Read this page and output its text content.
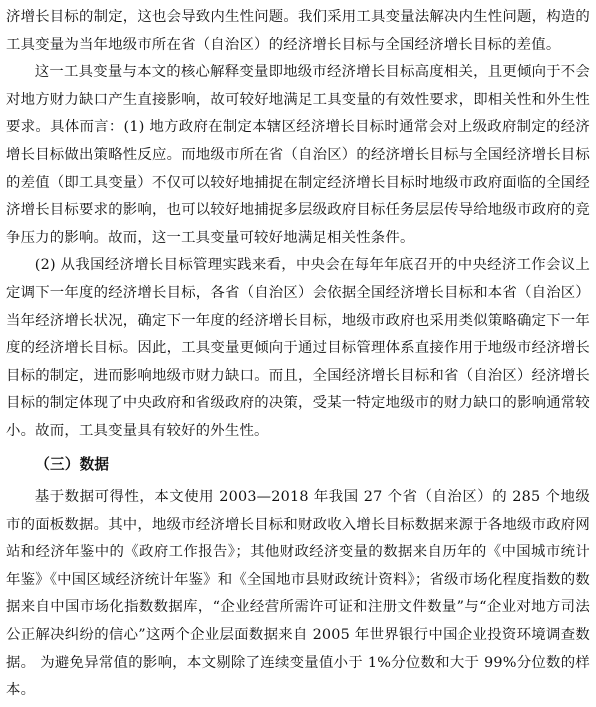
济增长目标的制定，这也会导致内生性问题。我们采用工具变量法解决内生性问题，构造的工具变量为当年地级市所在省（自治区）的经济增长目标与全国经济增长目标的差值。

这一工具变量与本文的核心解释变量即地级市经济增长目标高度相关，且更倾向于不会对地方财力缺口产生直接影响，故可较好地满足工具变量的有效性要求，即相关性和外生性要求。具体而言：(1) 地方政府在制定本辖区经济增长目标时通常会对上级政府制定的经济增长目标做出策略性反应。而地级市所在省（自治区）的经济增长目标与全国经济增长目标的差值（即工具变量）不仅可以较好地捕捉在制定经济增长目标时地级市政府面临的全国经济增长目标要求的影响，也可以较好地捕捉多层级政府目标任务层层传导给地级市政府的竞争压力的影响。故而，这一工具变量可较好地满足相关性条件。

(2) 从我国经济增长目标管理实践来看，中央会在每年年底召开的中央经济工作会议上定调下一年度的经济增长目标，各省（自治区）会依据全国经济增长目标和本省（自治区）当年经济增长状况，确定下一年度的经济增长目标，地级市政府也采用类似策略确定下一年度的经济增长目标。因此，工具变量更倾向于通过目标管理体系直接作用于地级市经济增长目标的制定，进而影响地级市财力缺口。而且，全国经济增长目标和省（自治区）经济增长目标的制定体现了中央政府和省级政府的决策，受某一特定地级市的财力缺口的影响通常较小。故而，工具变量具有较好的外生性。

（三）数据

基于数据可得性，本文使用 2003—2018 年我国 27 个省（自治区）的 285 个地级市的面板数据。其中，地级市经济增长目标和财政收入增长目标数据来源于各地级市政府网站和经济年鉴中的《政府工作报告》；其他财政经济变量的数据来自历年的《中国城市统计年鉴》《中国区域经济统计年鉴》和《全国地市县财政统计资料》；省级市场化程度指数的数据来自中国市场化指数数据库，“企业经营所需许可证和注册文件数量”与“企业对地方司法公正解决纠纷的信心”这两个企业层面数据来自 2005 年世界银行中国企业投资环境调查数据。 为避免异常值的影响，本文剔除了连续变量值小于 1%分位数和大于 99%分位数的样本。
